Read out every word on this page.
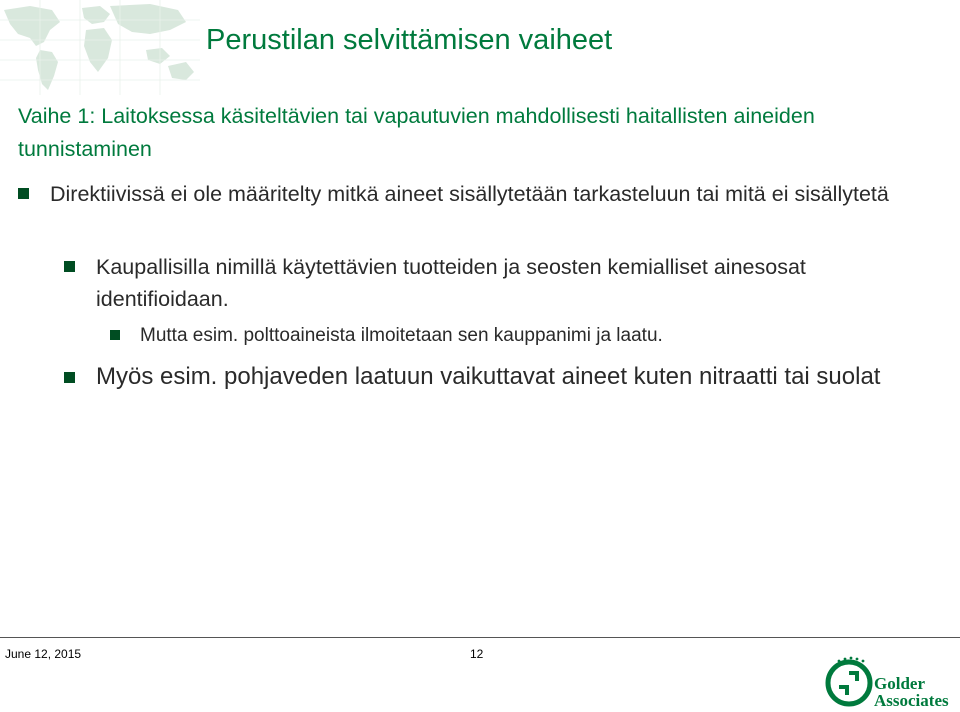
Perustilan selvittämisen vaiheet
Vaihe 1: Laitoksessa käsiteltävien tai vapautuvien mahdollisesti haitallisten aineiden tunnistaminen
Direktiivissä ei ole määritelty mitkä aineet sisällytetään tarkasteluun tai mitä ei sisällytetä
Kaupallisilla nimillä käytettävien tuotteiden ja seosten kemialliset ainesosat identifioidaan.
Mutta esim. polttoaineista ilmoitetaan sen kauppanimi ja laatu.
Myös esim. pohjaveden laatuun vaikuttavat aineet kuten nitraatti tai suolat
June 12, 2015	12
Golder
Associates
